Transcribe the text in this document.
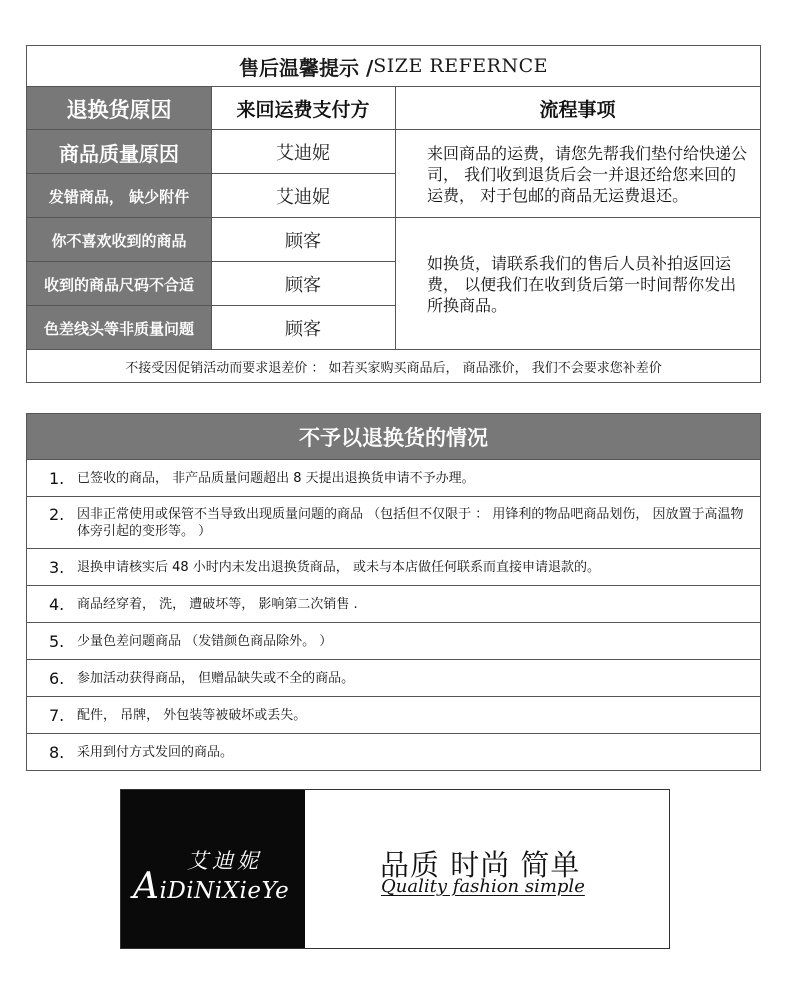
售后温馨提示 / SIZE REFERNCE
退换货原因	来回运费支付方	流程事项
商品质量原因
发错商品， 缺少附件
你不喜欢收到的商品
收到的商品尺码不合适
色差线头等非质量问题
艾迪妮
艾迪妮
顾客
顾客
顾客
来回商品的运费，请您先帮我们垫付给快递公司， 我们收到退货后会一并退还给您来回的运费， 对于包邮的商品无运费退还。
如换货，请联系我们的售后人员补拍返回运费， 以便我们在收到货后第一时间帮你发出所换商品。
不接受因促销活动而要求退差价 ： 如若买家购买商品后， 商品涨价， 我们不会要求您补差价
不予以退换货的情况
1. 已签收的商品， 非产品质量问题超出 8 天提出退换货申请不予办理。
2. 因非正常使用或保管不当导致出现质量问题的商品 （包括但不仅限于 ： 用锋利的物品吧商品划伤， 因放置于高温物体旁引起的变形等。 ）
3. 退换申请核实后 48 小时内未发出退换货商品， 或未与本店做任何联系而直接申请退款的。
4. 商品经穿着， 洗， 遭破坏等， 影响第二次销售 .
5. 少量色差问题商品 （发错颜色商品除外。 ）
6. 参加活动获得商品， 但赠品缺失或不全的商品。
7. 配件， 吊牌， 外包装等被破坏或丢失。
8. 采用到付方式发回的商品。
艾迪妮
AiDiNiXieYe
品质 时尚 简单
Quality fashion simple
